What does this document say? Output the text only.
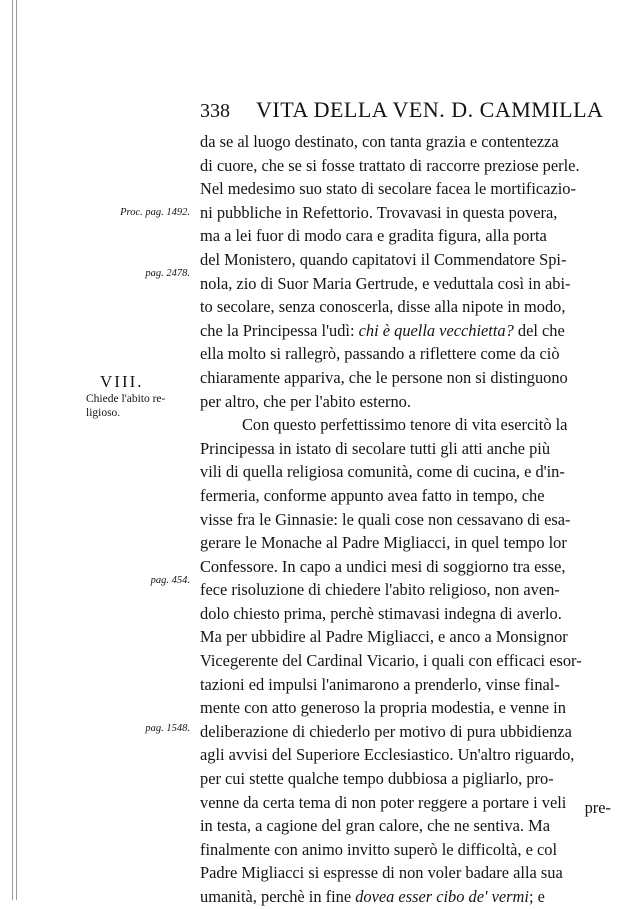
338 VITA DELLA VEN. D. CAMMILLA
Proc. pag. 1492.
pag. 2478.
pag. 454.
pag. 1548.
VIII.
Chiede l'abito re-
ligioso.
da se al luogo destinato, con tanta grazia e contentezza
di cuore, che se si fosse trattato di raccorre preziose perle.
Nel medesimo suo stato di secolare facea le mortificazio-
ni pubbliche in Refettorio. Trovavasi in questa povera,
ma a lei fuor di modo cara e gradita figura, alla porta
del Monistero, quando capitatovi il Commendatore Spi-
nola, zio di Suor Maria Gertrude, e veduttala così in abi-
to secolare, senza conoscerla, disse alla nipote in modo,
che la Principessa l'udì: chi è quella vecchietta? del che
ella molto si rallegrò, passando a riflettere come da ciò
chiaramente appariva, che le persone non si distinguono
per altro, che per l'abito esterno.
Con questo perfettissimo tenore di vita esercitò la
Principessa in istato di secolare tutti gli atti anche più
vili di quella religiosa comunità, come di cucina, e d'in-
fermeria, conforme appunto avea fatto in tempo, che
visse fra le Ginnasie: le quali cose non cessavano di esa-
gerare le Monache al Padre Migliacci, in quel tempo lor
Confessore. In capo a undici mesi di soggiorno tra esse,
fece risoluzione di chiedere l'abito religioso, non aven-
dolo chiesto prima, perchè stimavasi indegna di averlo.
Ma per ubbidire al Padre Migliacci, e anco a Monsignor
Vicegerente del Cardinal Vicario, i quali con efficaci esor-
tazioni ed impulsi l'animarono a prenderlo, vinse final-
mente con atto generoso la propria modestia, e venne in
deliberazione di chiederlo per motivo di pura ubbidienza
agli avvisi del Superiore Ecclesiastico. Un'altro riguardo,
per cui stette qualche tempo dubbiosa a pigliarlo, pro-
venne da certa tema di non poter reggere a portare i veli
in testa, a cagione del gran calore, che ne sentiva. Ma
finalmente con animo invitto superò le difficoltà, e col
Padre Migliacci si espresse di non voler badare alla sua
umanità, perchè in fine dovea esser cibo de' vermi; e
pre-
